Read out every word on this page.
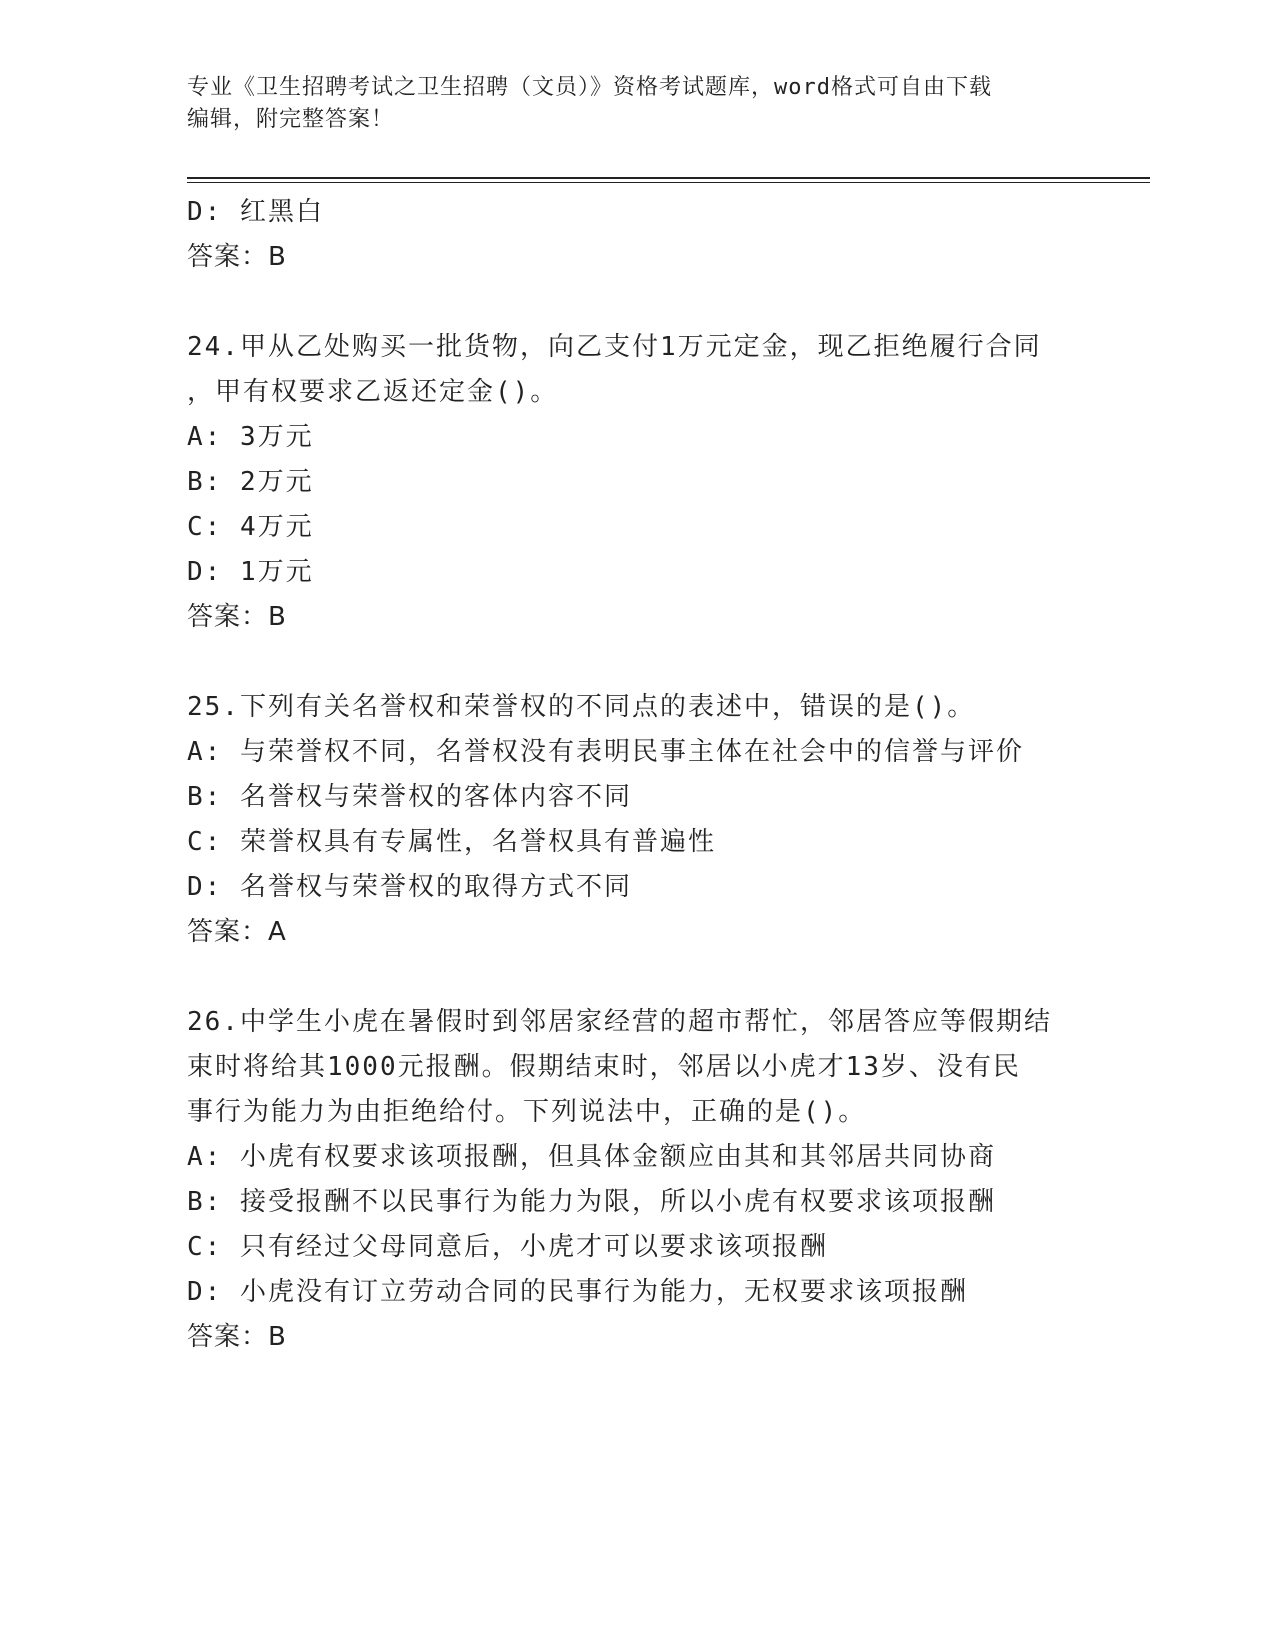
专业《卫生招聘考试之卫生招聘（文员）》资格考试题库，word格式可自由下载
编辑，附完整答案！
D: 红黑白
答案：B
24.甲从乙处购买一批货物，向乙支付1万元定金，现乙拒绝履行合同
，甲有权要求乙返还定金()。
A: 3万元
B: 2万元
C: 4万元
D: 1万元
答案：B
25.下列有关名誉权和荣誉权的不同点的表述中，错误的是()。
A: 与荣誉权不同，名誉权没有表明民事主体在社会中的信誉与评价
B: 名誉权与荣誉权的客体内容不同
C: 荣誉权具有专属性，名誉权具有普遍性
D: 名誉权与荣誉权的取得方式不同
答案：A
26.中学生小虎在暑假时到邻居家经营的超市帮忙，邻居答应等假期结
束时将给其1000元报酬。假期结束时，邻居以小虎才13岁、没有民
事行为能力为由拒绝给付。下列说法中，正确的是()。
A: 小虎有权要求该项报酬，但具体金额应由其和其邻居共同协商
B: 接受报酬不以民事行为能力为限，所以小虎有权要求该项报酬
C: 只有经过父母同意后，小虎才可以要求该项报酬
D: 小虎没有订立劳动合同的民事行为能力，无权要求该项报酬
答案：B
